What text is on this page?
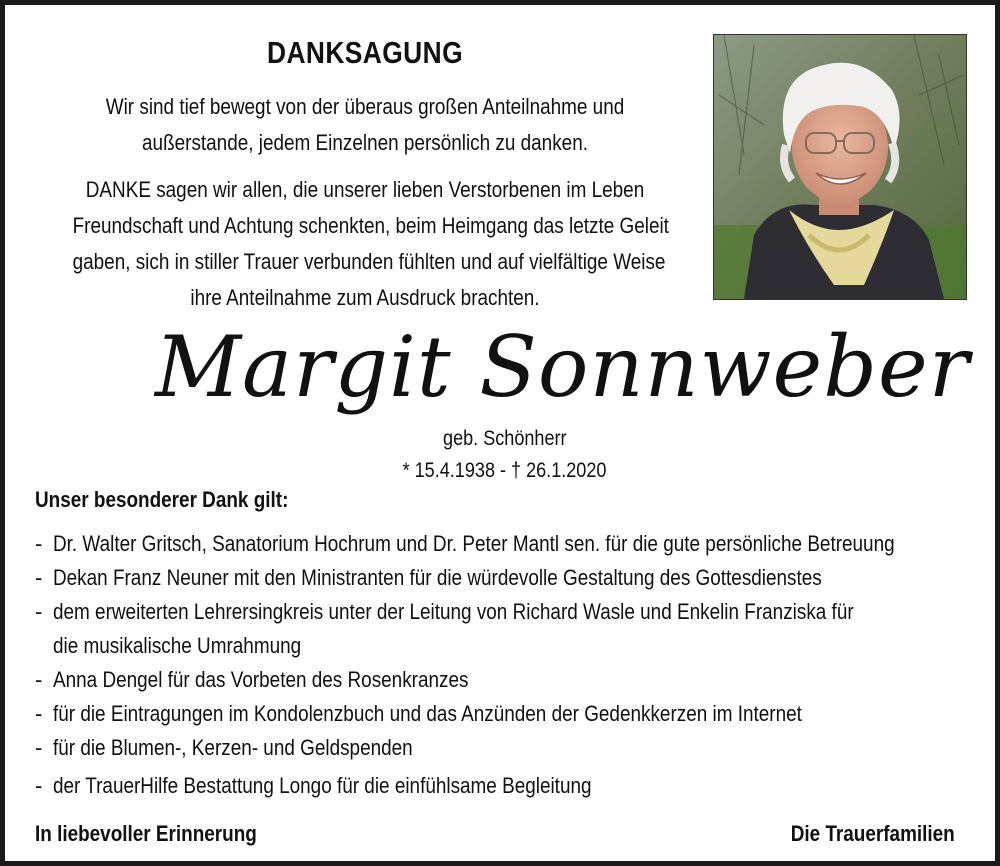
DANKSAGUNG
Wir sind tief bewegt von der überaus großen Anteilnahme und
außerstande, jedem Einzelnen persönlich zu danken.
DANKE sagen wir allen, die unserer lieben Verstorbenen im Leben
Freundschaft und Achtung schenkten, beim Heimgang das letzte Geleit
gaben, sich in stiller Trauer verbunden fühlten und auf vielfältige Weise
ihre Anteilnahme zum Ausdruck brachten.
Margit Sonnweber
geb. Schönherr
* 15.4.1938 - † 26.1.2020
Unser besonderer Dank gilt:
- Dr. Walter Gritsch, Sanatorium Hochrum und Dr. Peter Mantl sen. für die gute persönliche Betreuung
- Dekan Franz Neuner mit den Ministranten für die würdevolle Gestaltung des Gottesdienstes
- dem erweiterten Lehrersingkreis unter der Leitung von Richard Wasle und Enkelin Franziska für
die musikalische Umrahmung
- Anna Dengel für das Vorbeten des Rosenkranzes
- für die Eintragungen im Kondolenzbuch und das Anzünden der Gedenkkerzen im Internet
- für die Blumen-, Kerzen- und Geldspenden
- der TrauerHilfe Bestattung Longo für die einfühlsame Begleitung
In liebevoller Erinnerung	Die Trauerfamilien
